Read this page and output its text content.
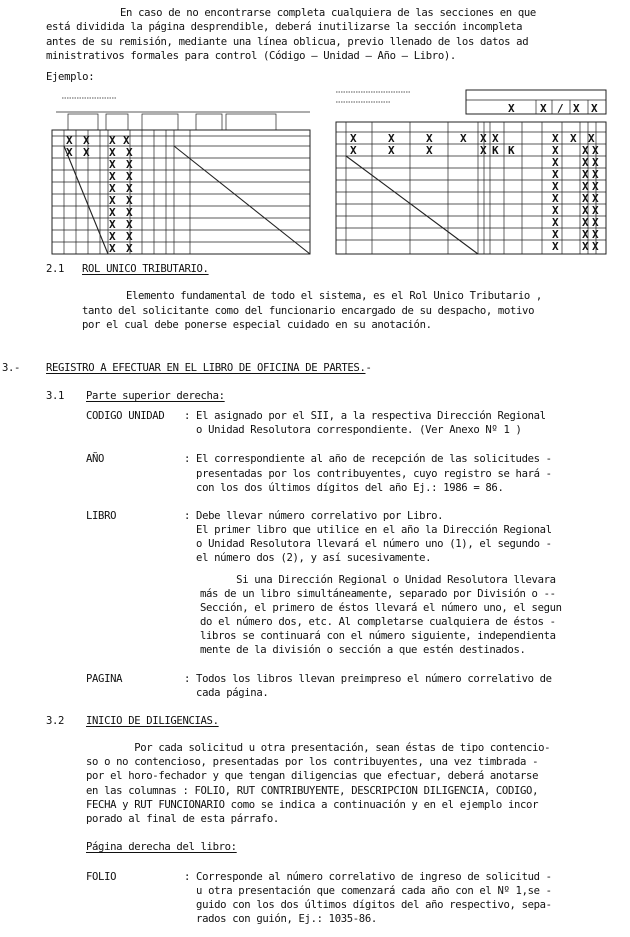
En caso de no encontrarse completa cualquiera de las secciones en que
está dividida la página desprendible, deberá inutilizarse la sección incompleta
antes de su remisión, mediante una línea oblicua, previo llenado de los datos ad
ministrativos formales para control (Código – Unidad – Año – Libro).
Ejemplo:
X X X X
X X X X
X X
X X
X X
X X
X X
X X
X X
X X
X X / X X
X	X	X	X X X
X	X	X	X K K
X X X
X X X
X X X
X X X
X X X
X X X
X X X
X X X
X X X
X X X
2.1 ROL UNICO TRIBUTARIO.
Elemento fundamental de todo el sistema, es el Rol Unico Tributario ,
tanto del solicitante como del funcionario encargado de su despacho, motivo
por el cual debe ponerse especial cuidado en su anotación.
3.- REGISTRO A EFECTUAR EN EL LIBRO DE OFICINA DE PARTES.-
3.1 Parte superior derecha:
CODIGO UNIDAD : El asignado por el SII, a la respectiva Dirección Regional
o Unidad Resolutora correspondiente. (Ver Anexo Nº 1 )
AÑO	: El correspondiente al año de recepción de las solicitudes -
presentadas por los contribuyentes, cuyo registro se hará -
con los dos últimos dígitos del año Ej.: 1986 = 86.
LIBRO	: Debe llevar número correlativo por Libro.
El primer libro que utilice en el año la Dirección Regional
o Unidad Resolutora llevará el número uno (1), el segundo -
el número dos (2), y así sucesivamente.
Si una Dirección Regional o Unidad Resolutora llevara
más de un libro simultáneamente, separado por División o --
Sección, el primero de éstos llevará el número uno, el segun
do el número dos, etc. Al completarse cualquiera de éstos -
libros se continuará con el número siguiente, independienta
mente de la división o sección a que estén destinados.
PAGINA	: Todos los libros llevan preimpreso el número correlativo de
cada página.
3.2 INICIO DE DILIGENCIAS.
Por cada solicitud u otra presentación, sean éstas de tipo contencio-
so o no contencioso, presentadas por los contribuyentes, una vez timbrada -
por el horo-fechador y que tengan diligencias que efectuar, deberá anotarse
en las columnas : FOLIO, RUT CONTRIBUYENTE, DESCRIPCION DILIGENCIA, CODIGO,
FECHA y RUT FUNCIONARIO como se indica a continuación y en el ejemplo incor
porado al final de esta párrafo.
Página derecha del libro:
FOLIO	: Corresponde al número correlativo de ingreso de solicitud -
u otra presentación que comenzará cada año con el Nº 1,se -
guido con los dos últimos dígitos del año respectivo, sepa-
rados con guión, Ej.: 1035-86.
